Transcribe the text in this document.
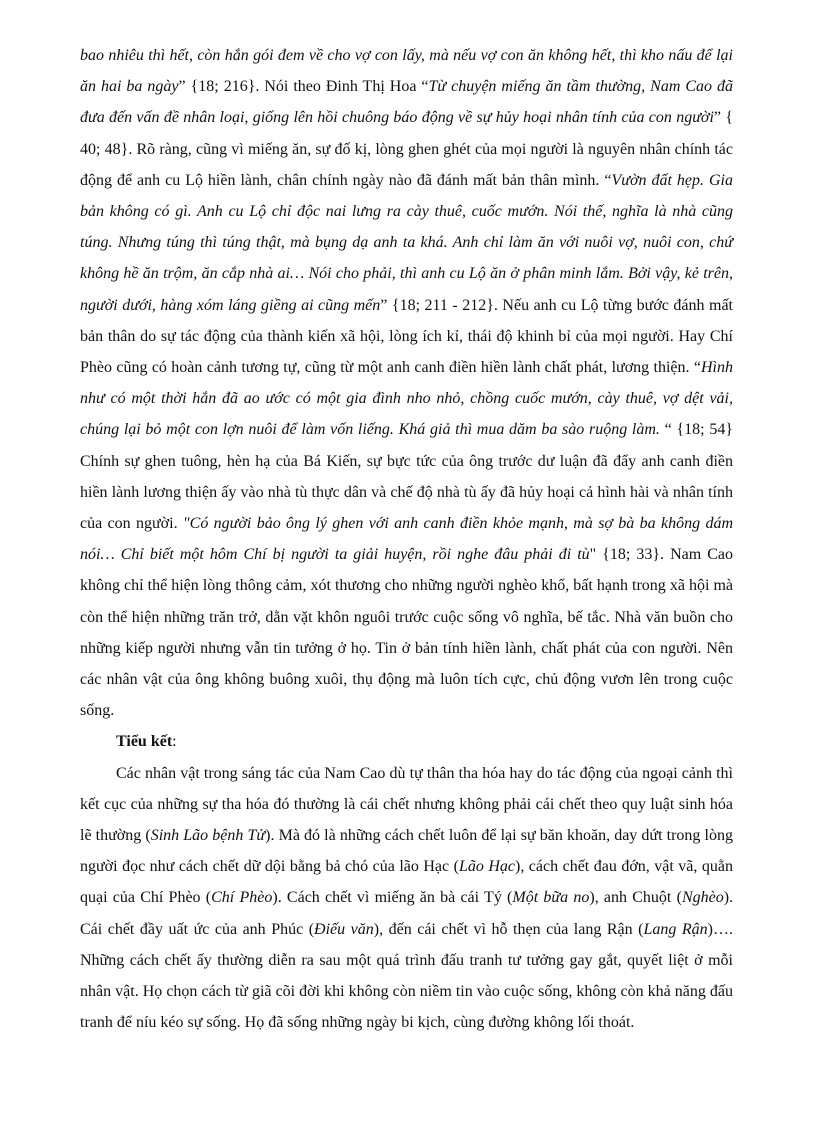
bao nhiêu thì hết, còn hắn gói đem về cho vợ con lấy, mà nếu vợ con ăn không hết, thì kho nấu để lại ăn hai ba ngày” {18; 216}. Nói theo Đinh Thị Hoa “Từ chuyện miếng ăn tầm thường, Nam Cao đã đưa đến vấn đề nhân loại, giống lên hồi chuông báo động về sự hủy hoại nhân tính của con người” { 40; 48}. Rõ ràng, cũng vì miếng ăn, sự đố kị, lòng ghen ghét của mọi người là nguyên nhân chính tác động để anh cu Lộ hiền lành, chân chính ngày nào đã đánh mất bản thân mình. “Vườn đất hẹp. Gia bản không có gì. Anh cu Lộ chỉ độc nai lưng ra cày thuê, cuốc mướn. Nói thế, nghĩa là nhà cũng túng. Nhưng túng thì túng thật, mà bụng dạ anh ta khá. Anh chỉ làm ăn với nuôi vợ, nuôi con, chứ không hề ăn trộm, ăn cắp nhà ai… Nói cho phải, thì anh cu Lộ ăn ở phân minh lắm. Bởi vậy, kẻ trên, người dưới, hàng xóm láng giềng ai cũng mến” {18; 211 - 212}. Nếu anh cu Lộ từng bước đánh mất bản thân do sự tác động của thành kiến xã hội, lòng ích kỉ, thái độ khinh bỉ của mọi người. Hay Chí Phèo cũng có hoàn cảnh tương tự, cũng từ một anh canh điền hiền lành chất phát, lương thiện. “Hình như có một thời hắn đã ao ước có một gia đình nho nhỏ, chồng cuốc mướn, cày thuê, vợ dệt vải, chúng lại bỏ một con lợn nuôi để làm vốn liếng. Khá giả thì mua dăm ba sào ruộng làm. “ {18; 54} Chính sự ghen tuông, hèn hạ của Bá Kiến, sự bực tức của ông trước dư luận đã đẩy anh canh điền hiền lành lương thiện ấy vào nhà tù thực dân và chế độ nhà tù ấy đã hủy hoại cả hình hài và nhân tính của con người. "Có người bảo ông lý ghen với anh canh điền khỏe mạnh, mà sợ bà ba không dám nói… Chỉ biết một hôm Chí bị người ta giải huyện, rồi nghe đâu phải đi tù" {18; 33}. Nam Cao không chỉ thể hiện lòng thông cảm, xót thương cho những người nghèo khổ, bất hạnh trong xã hội mà còn thể hiện những trăn trở, dằn vặt khôn nguôi trước cuộc sống vô nghĩa, bế tắc. Nhà văn buồn cho những kiếp người nhưng vẫn tin tưởng ở họ. Tin ở bản tính hiền lành, chất phát của con người. Nên các nhân vật của ông không buông xuôi, thụ động mà luôn tích cực, chủ động vươn lên trong cuộc sống.

Tiểu kết:

Các nhân vật trong sáng tác của Nam Cao dù tự thân tha hóa hay do tác động của ngoại cảnh thì kết cục của những sự tha hóa đó thường là cái chết nhưng không phải cái chết theo quy luật sinh hóa lẽ thường (Sinh Lão bệnh Tử). Mà đó là những cách chết luôn để lại sự băn khoăn, day dứt trong lòng người đọc như cách chết dữ dội bằng bả chó của lão Hạc (Lão Hạc), cách chết đau đớn, vật vã, quằn quại của Chí Phèo (Chí Phèo). Cách chết vì miếng ăn bà cái Tý (Một bữa no), anh Chuột (Nghèo). Cái chết đầy uất ức của anh Phúc (Điếu văn), đến cái chết vì hỗ thẹn của lang Rận (Lang Rận)…. Những cách chết ấy thường diễn ra sau một quá trình đấu tranh tư tưởng gay gắt, quyết liệt ở mỗi nhân vật. Họ chọn cách từ giã cõi đời khi không còn niềm tin vào cuộc sống, không còn khả năng đấu tranh để níu kéo sự sống. Họ đã sống những ngày bi kịch, cùng đường không lối thoát.
